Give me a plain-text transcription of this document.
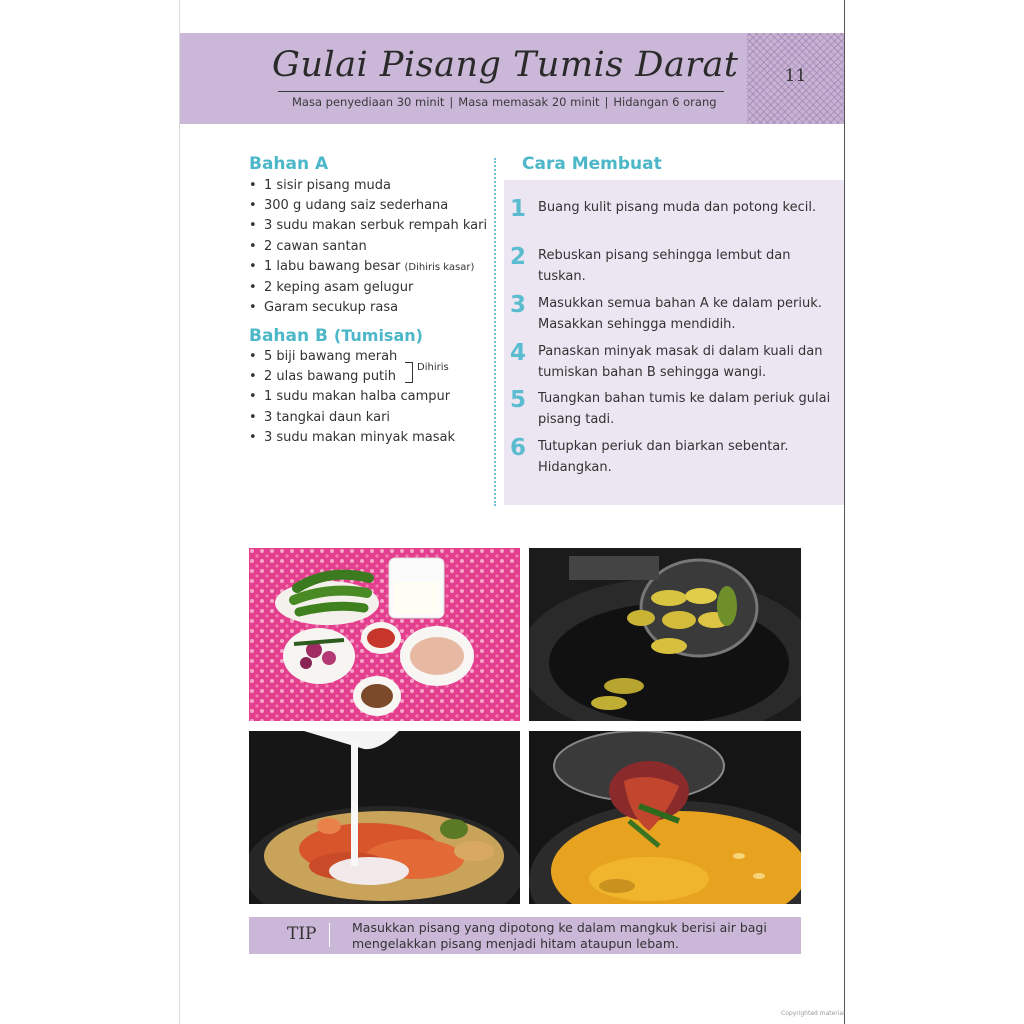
Gulai Pisang Tumis Darat
Masa penyediaan 30 minit | Masa memasak 20 minit | Hidangan 6 orang
11
Bahan A
• 1 sisir pisang muda
• 300 g udang saiz sederhana
• 3 sudu makan serbuk rempah kari
• 2 cawan santan
• 1 labu bawang besar (Dihiris kasar)
• 2 keping asam gelugur
• Garam secukup rasa
Bahan B (Tumisan)
• 5 biji bawang merah
• 2 ulas bawang putih
• 1 sudu makan halba campur
• 3 tangkai daun kari
• 3 sudu makan minyak masak
Dihiris
Cara Membuat
1 Buang kulit pisang muda dan potong kecil.
2 Rebuskan pisang sehingga lembut dan tuskan.
3 Masukkan semua bahan A ke dalam periuk. Masakkan sehingga mendidih.
4 Panaskan minyak masak di dalam kuali dan tumiskan bahan B sehingga wangi.
5 Tuangkan bahan tumis ke dalam periuk gulai pisang tadi.
6 Tutupkan periuk dan biarkan sebentar. Hidangkan.
TIP	Masukkan pisang yang dipotong ke dalam mangkuk berisi air bagi mengelakkan pisang menjadi hitam ataupun lebam.
Copyrighted material
